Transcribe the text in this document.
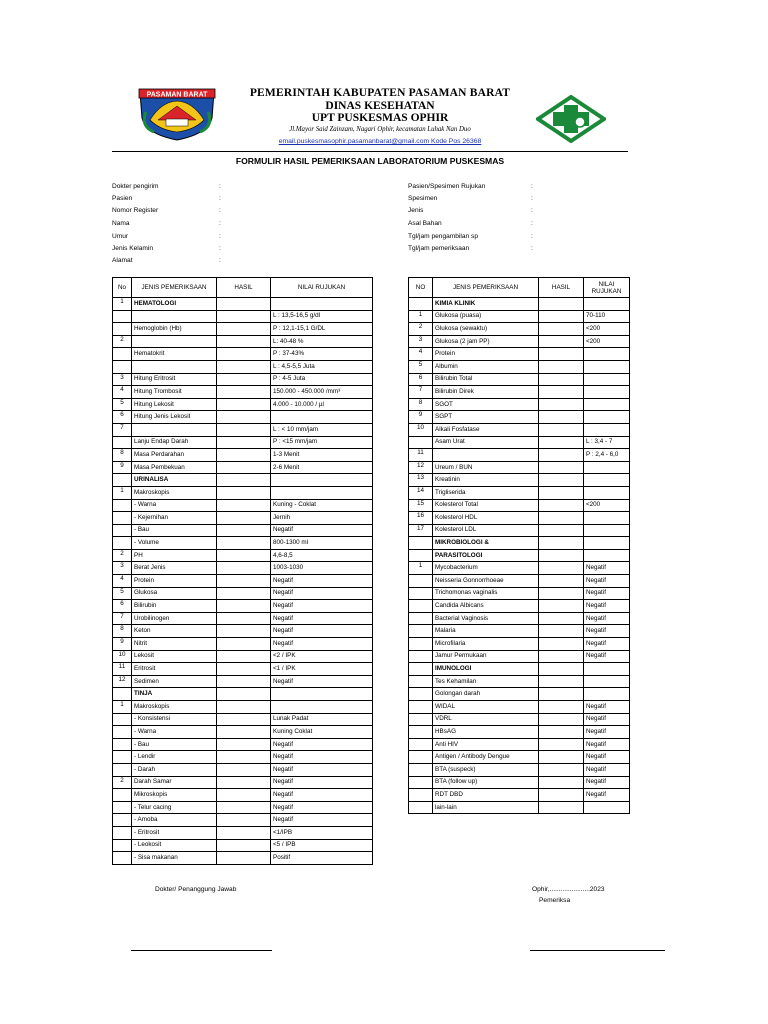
PASAMAN BARAT	PEMERINTAH KABUPATEN PASAMAN BARAT
DINAS KESEHATAN
UPT PUSKESMAS OPHIR
Jl.Mayor Said Zainzam, Nagari Ophir, kecamatan Luhak Nan Duo
email.puskesmasophir.pasamanbarat@gmail.com Kode Pos 26368
FORMULIR HASIL PEMERIKSAAN LABORATORIUM PUSKESMAS
Dokter pengirim	:
Pasien	:
Nomor Register	:
Nama	:
Umur	:
Jenis Kelamin	:
Alamat	:
Pasien/Spesimen Rujukan	:
Spesimen	:
Jenis	:
Asal Bahan	:
Tgl/jam pengambilan sp	:
Tgl/jam pemeriksaan	:
No	JENIS PEMERIKSAAN	HASIL	NILAI RUJUKAN
1	HEMATOLOGI		
			L : 13,5-16,5 g/dl
	Hemoglobin (Hb)		P : 12,1-15,1 G/DL
2			L: 40-48 %
	Hematokrit		P : 37-43%
			L : 4,5-5,5 Juta
3	Hitung Eritrosit		P : 4-5 Juta
4	Hitung Trombosit		150.000 - 450.000 /mm³
5	Hitung Lekosit		4.000 - 10.000 / µl
6	Hitung Jenis Lekosit		
7			L : < 10 mm/jam
	Lanju Endap Darah		P : <15 mm/jam
8	Masa Perdarahan		1-3 Menit
9	Masa Pembekuan		2-6 Menit
	URINALISA		
1	Makroskopis		
	- Warna		Kuning - Coklat
	- Kejernihan		Jernih
	- Bau		Negatif
	- Volume		800-1300 ml
2	PH		4,6-8,5
3	Berat Jenis		1003-1030
4	Protein		Negatif
5	Glukosa		Negatif
6	Bilirubin		Negatif
7	Urobilinogen		Negatif
8	Keton		Negatif
9	Nitrit		Negatif
10	Lekosit		<2 / IPK
11	Eritrosit		<1 / IPK
12	Sedimen		Negatif
	TINJA		
1	Makroskopis		
	- Konsistensi		Lunak Padat
	- Warna		Kuning Coklat
	- Bau		Negatif
	- Lendir		Negatif
	- Darah		Negatif
2	Darah Samar		Negatif
	Mikroskopis		Negatif
	- Telur cacing		Negatif
	- Amoba		Negatif
	- Eritrosit		<1/IPB
	- Leokosit		<5 / IPB
	- Sisa makanan		Positif
NO	JENIS PEMERIKSAAN	HASIL	NILAI RUJUKAN
	KIMIA KLINIK		
1	Glukosa (puasa)		70-110
2	Glukosa (sewaktu)		<200
3	Glukosa (2 jam PP)		<200
4	Protein		
5	Albumin		
6	Bilirubin Total		
7	Bilirubin Direk		
8	SGOT		
9	SGPT		
10	Alkali Fosfatase		
	Asam Urat		L : 3,4 - 7
11			P : 2,4 - 6,0
12	Ureum / BUN		
13	Kreatinin		
14	Trigliserida		
15	Kolesterol Total		<200
16	Kolesterol HDL		
17	Kolesterol LDL		
	MIKROBIOLOGI &		
	PARASITOLOGI		
1	Mycobacterium		Negatif
	Neisseria Gonnorrhoeae		Negatif
	Trichomonas vaginalis		Negatif
	Candida Albicans		Negatif
	Bacterial Vaginosis		Negatif
	Malaria		Negatif
	Microfilaria		Negatif
	Jamur Permukaan		Negatif
	IMUNOLOGI		
	Tes Kehamilan		
	Golongan darah		
	WIDAL		Negatif
	VDRL		Negatif
	HBsAG		Negatif
	Anti HIV		Negatif
	Antigen / Antibody Dengue		Negatif
	BTA (suspeck)		Negatif
	BTA (follow up)		Negatif
	RDT DBD		Negatif
	lain-lain		
Dokter/ Penanggung Jawab	Ophir,......................2023
Pemeriksa
